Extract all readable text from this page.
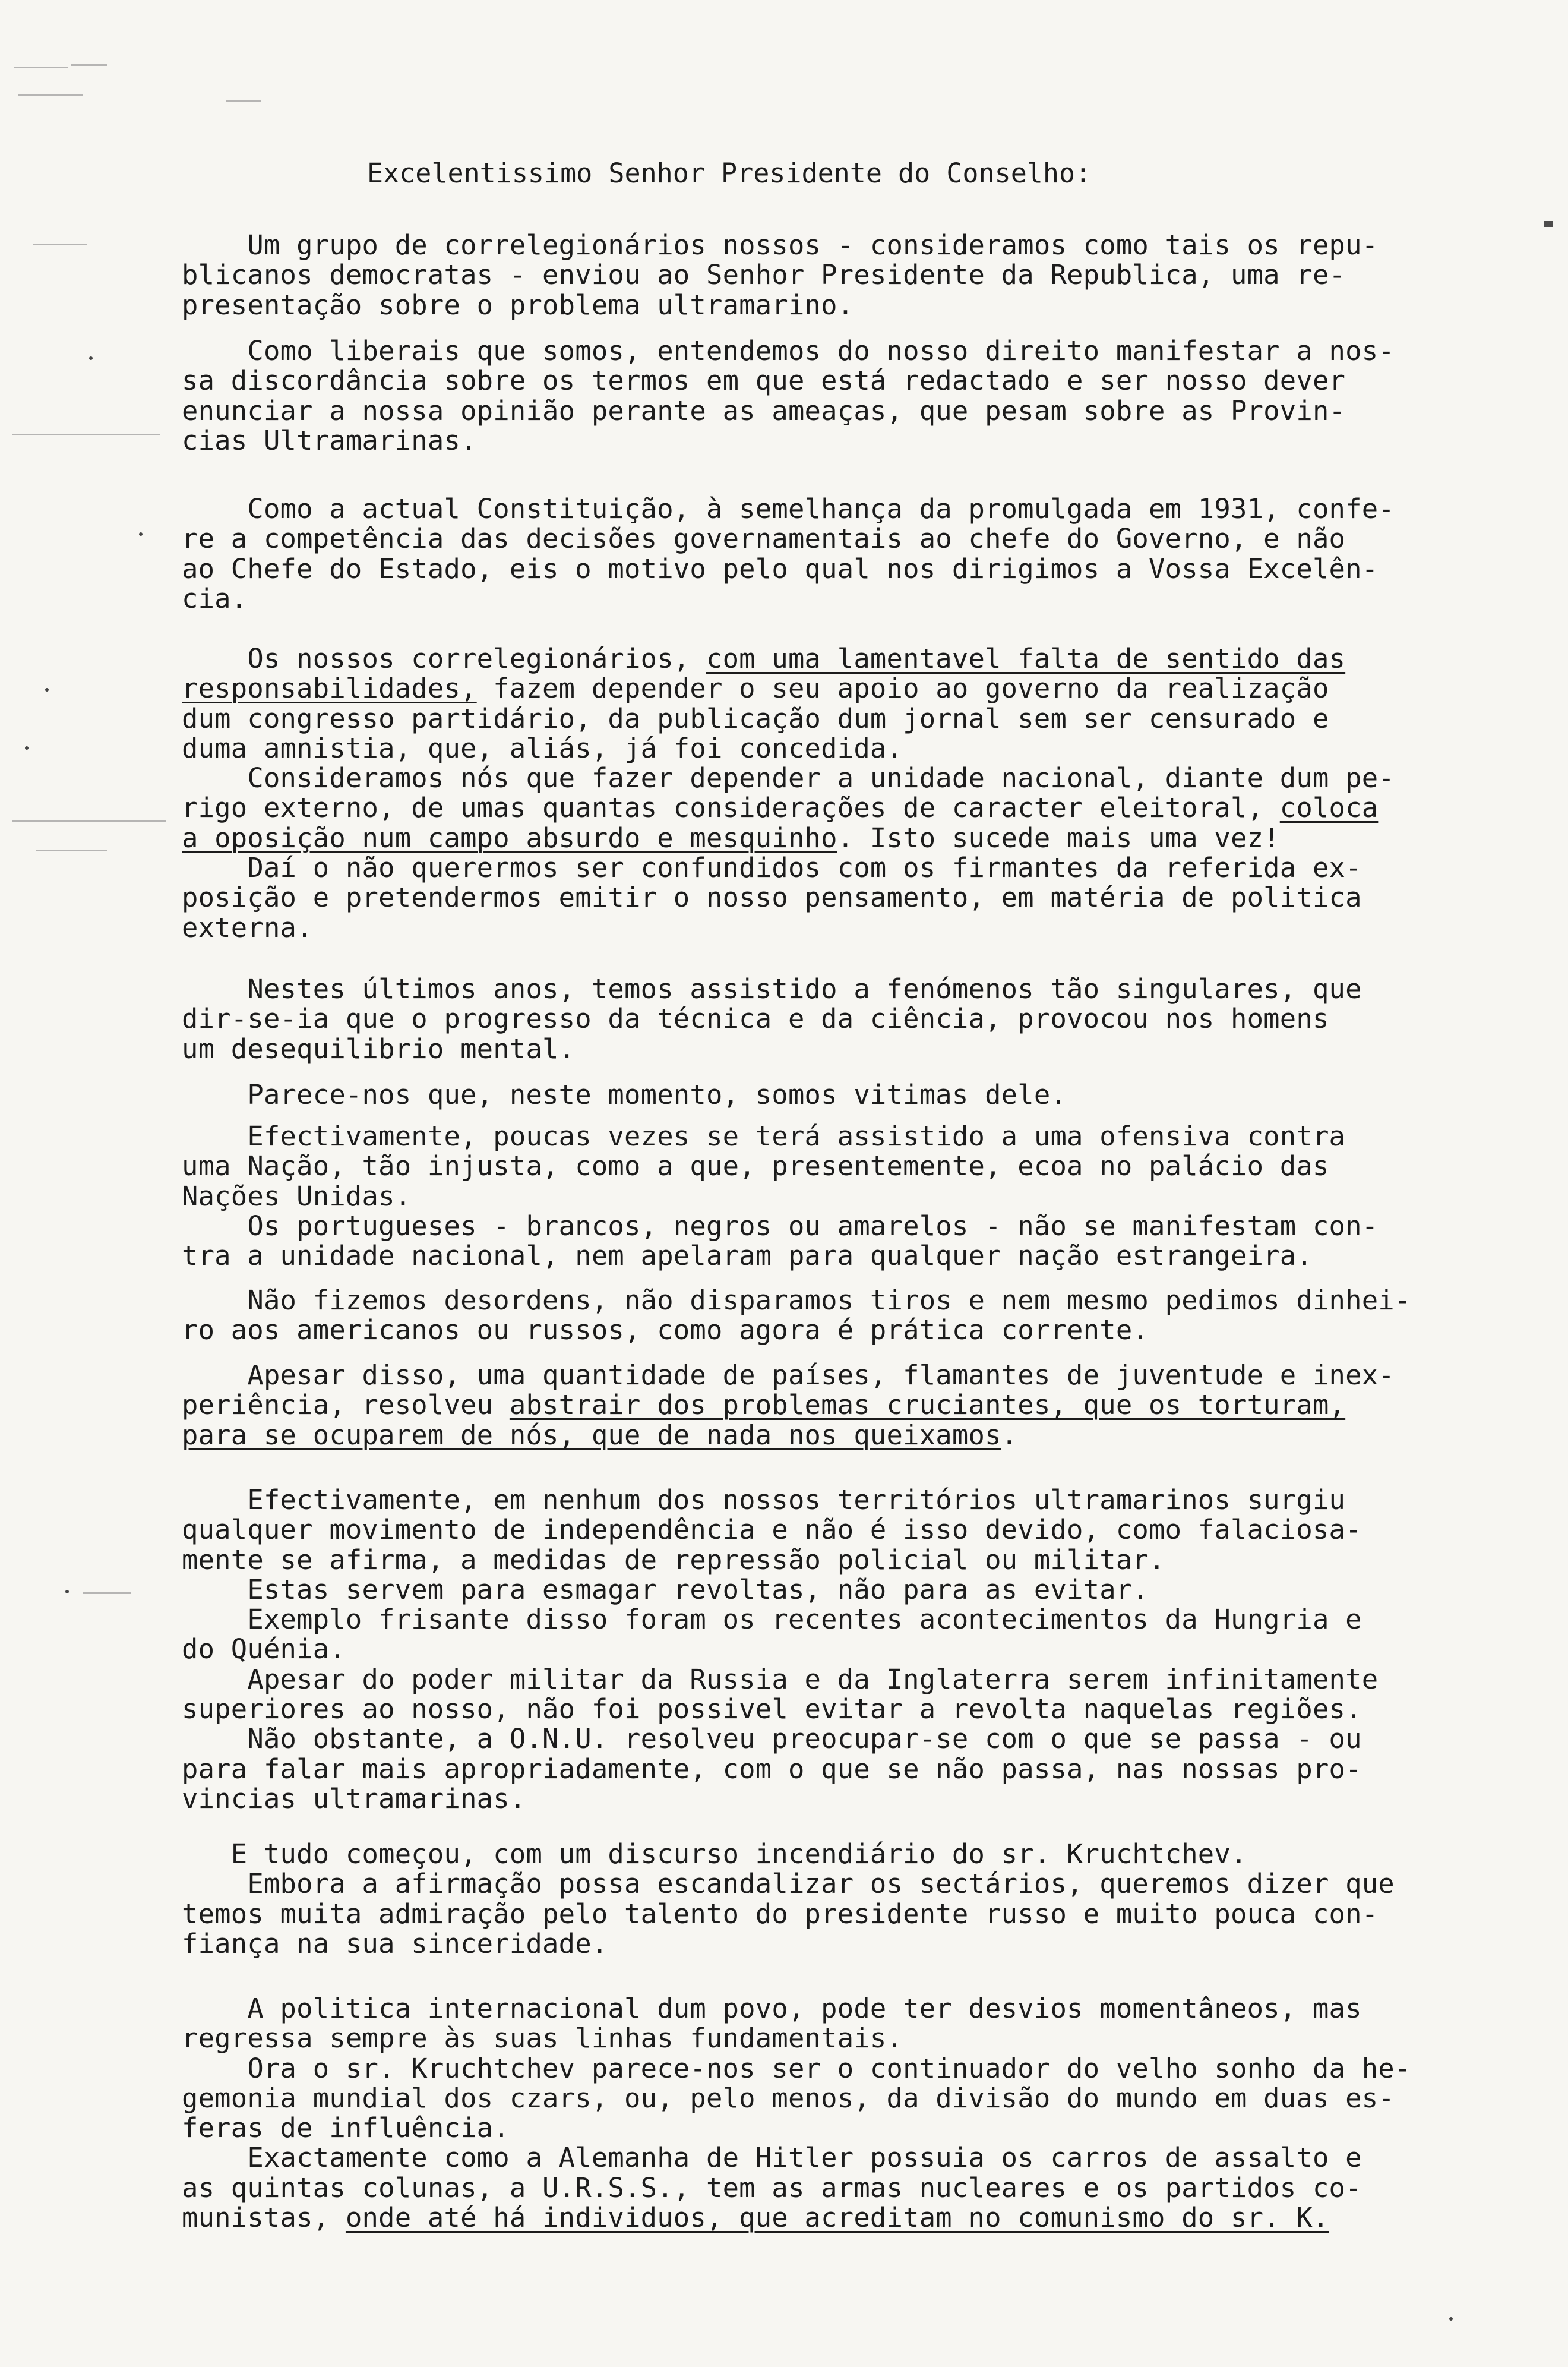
Excelentissimo Senhor Presidente do Conselho:
Um grupo de correlegionários nossos - consideramos como tais os repu-
blicanos democratas - enviou ao Senhor Presidente da Republica, uma re-
presentação sobre o problema ultramarino.
Como liberais que somos, entendemos do nosso direito manifestar a nos-
sa discordância sobre os termos em que está redactado e ser nosso dever
enunciar a nossa opinião perante as ameaças, que pesam sobre as Provin-
cias Ultramarinas.
Como a actual Constituição, à semelhança da promulgada em 1931, confe-
re a competência das decisões governamentais ao chefe do Governo, e não
ao Chefe do Estado, eis o motivo pelo qual nos dirigimos a Vossa Excelên-
cia.
Os nossos correlegionários, com uma lamentavel falta de sentido das
responsabilidades, fazem depender o seu apoio ao governo da realização
dum congresso partidário, da publicação dum jornal sem ser censurado e
duma amnistia, que, aliás, já foi concedida.
Consideramos nós que fazer depender a unidade nacional, diante dum pe-
rigo externo, de umas quantas considerações de caracter eleitoral, coloca
a oposição num campo absurdo e mesquinho. Isto sucede mais uma vez!
Daí o não querermos ser confundidos com os firmantes da referida ex-
posição e pretendermos emitir o nosso pensamento, em matéria de politica
externa.
Nestes últimos anos, temos assistido a fenómenos tão singulares, que
dir-se-ia que o progresso da técnica e da ciência, provocou nos homens
um desequilibrio mental.
Parece-nos que, neste momento, somos vitimas dele.
Efectivamente, poucas vezes se terá assistido a uma ofensiva contra
uma Nação, tão injusta, como a que, presentemente, ecoa no palácio das
Nações Unidas.
Os portugueses - brancos, negros ou amarelos - não se manifestam con-
tra a unidade nacional, nem apelaram para qualquer nação estrangeira.
Não fizemos desordens, não disparamos tiros e nem mesmo pedimos dinhei-
ro aos americanos ou russos, como agora é prática corrente.
Apesar disso, uma quantidade de países, flamantes de juventude e inex-
periência, resolveu abstrair dos problemas cruciantes, que os torturam,
para se ocuparem de nós, que de nada nos queixamos.
Efectivamente, em nenhum dos nossos territórios ultramarinos surgiu
qualquer movimento de independência e não é isso devido, como falaciosa-
mente se afirma, a medidas de repressão policial ou militar.
Estas servem para esmagar revoltas, não para as evitar.
Exemplo frisante disso foram os recentes acontecimentos da Hungria e
do Quénia.
Apesar do poder militar da Russia e da Inglaterra serem infinitamente
superiores ao nosso, não foi possivel evitar a revolta naquelas regiões.
Não obstante, a O.N.U. resolveu preocupar-se com o que se passa - ou
para falar mais apropriadamente, com o que se não passa, nas nossas pro-
vincias ultramarinas.
E tudo começou, com um discurso incendiário do sr. Kruchtchev.
Embora a afirmação possa escandalizar os sectários, queremos dizer que
temos muita admiração pelo talento do presidente russo e muito pouca con-
fiança na sua sinceridade.
A politica internacional dum povo, pode ter desvios momentâneos, mas
regressa sempre às suas linhas fundamentais.
Ora o sr. Kruchtchev parece-nos ser o continuador do velho sonho da he-
gemonia mundial dos czars, ou, pelo menos, da divisão do mundo em duas es-
feras de influência.
Exactamente como a Alemanha de Hitler possuia os carros de assalto e
as quintas colunas, a U.R.S.S., tem as armas nucleares e os partidos co-
munistas, onde até há individuos, que acreditam no comunismo do sr. K.
